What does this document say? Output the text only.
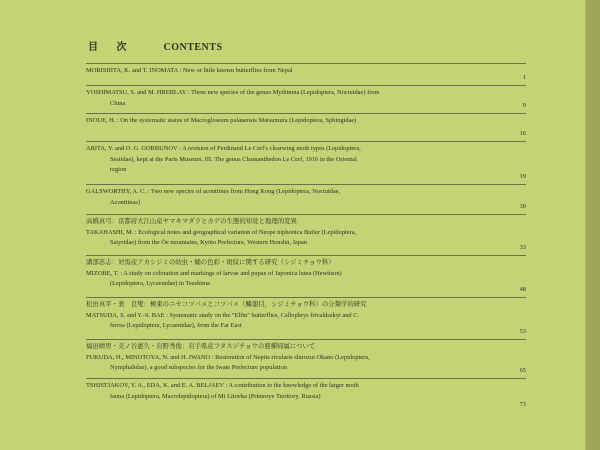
目 次	CONTENTS
MORISHITA, K. and T. INOMATA : New or little known butterflies from Nepal
1
YOSHIMATSU, S. and M. HREBLAY : Three new species of the genus Mythimna (Lepidoptera, Noctuidae) from
China	9
INOUE, H. : On the systematic status of Macroglossum palauensis Matsumura (Lepidoptera, Sphingidae)
16
ARITA, Y. and O. G. GORBUNOV : A revision of Ferdinand Le Cerf's clearwing moth types (Lepidoptera,
Sesiidae), kept at the Paris Museum. III. The genus Chamanthedon Le Cerf, 1916 in the Oriental
region
19
GALSWORTHY, A. C. : Two new species of acontiines from Hong Kong (Lepidoptera, Noctuidae,
Acontiinae)
30
高橋真弓：京都府大江山産ヤマキマダラヒカゲの生態的知見と地理的変異
TAKAHASHI, M. : Ecological notes and geographical variation of Neope niphonica Butler (Lepidoptera,
Satyridae) from the Ōe mountains, Kyōto Prefecture, Western Honshū, Japan
33
溝部忠志：対馬産アカシジミの幼虫・蛹の色彩・斑紋に関する研究（シジミチョウ科）
MIZOBE, T. : A study on coloration and markings of larvae and pupae of Japonica lutea (Hewitson)
(Lepidoptera, Lycaenidae) in Tsushima
48
松田真平・裵　良燮：極東のニセコツバメとコツバメ（鱗翅目，シジミチョウ科）の分類学的研究
MATSUDA, S. and Y.-S. BAE : Systematic study on the "Elfin" butterflies, Callophrys frivaldszkyi and C.
ferrea (Lepidoptera, Lycaenidae), from the Far East
53
福田晴男・美ノ谷憲久・岩野秀俊：岩手県産フタスジチョウの亜種帰属について
FUKUDA, H., MINOTOYA, N. and H. IWANO : Restoration of Neptis rivularis shirozui Okano (Lepidoptera,
Nymphalidae), a good subspecies for the Iwate Prefecture population	65
TSHISTJAKOV, Y. A., EDA, K. and E. A. BELJAEV : A contribution to the knowledge of the larger moth
fauna (Lepidoptera, Macrolepidoptera) of Mt Litovka (Primorye Territory, Russia)
73
